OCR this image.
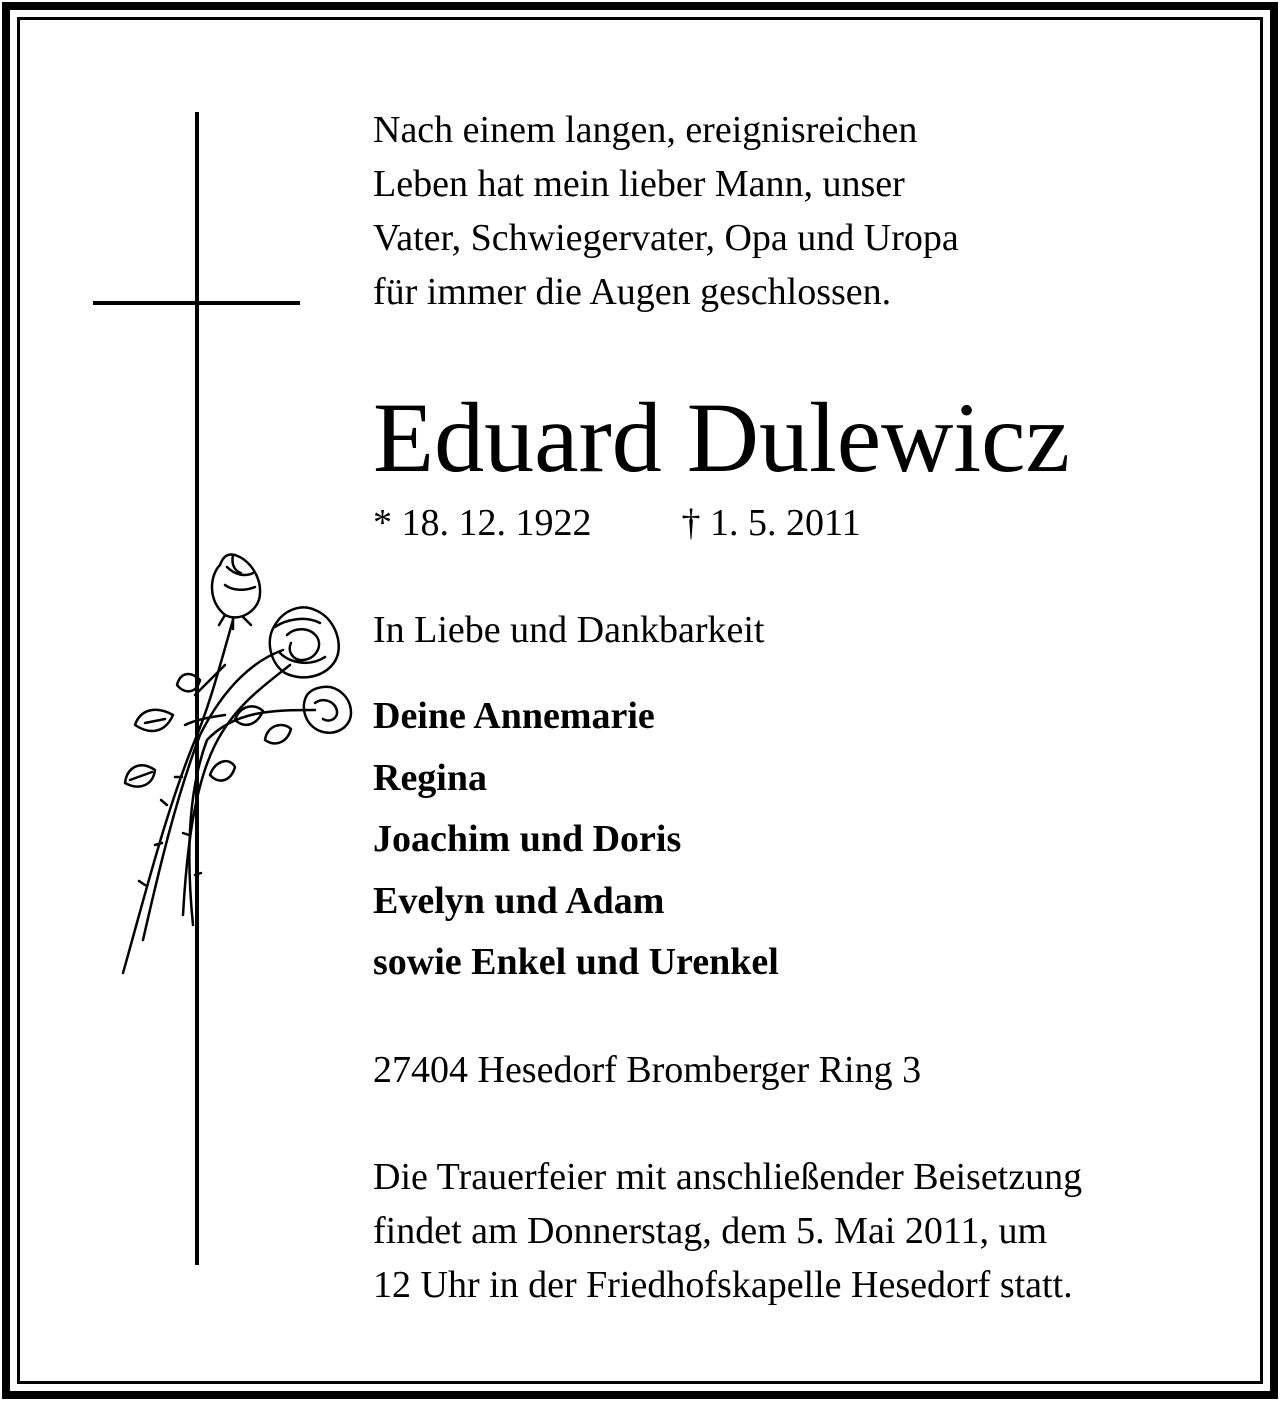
Nach einem langen, ereignisreichen
Leben hat mein lieber Mann, unser
Vater, Schwiegervater, Opa und Uropa
für immer die Augen geschlossen.

Eduard Dulewicz

* 18. 12. 1922 † 1. 5. 2011

In Liebe und Dankbarkeit

Deine Annemarie
Regina
Joachim und Doris
Evelyn und Adam
sowie Enkel und Urenkel

27404 Hesedorf Bromberger Ring 3

Die Trauerfeier mit anschließender Beisetzung
findet am Donnerstag, dem 5. Mai 2011, um
12 Uhr in der Friedhofskapelle Hesedorf statt.
